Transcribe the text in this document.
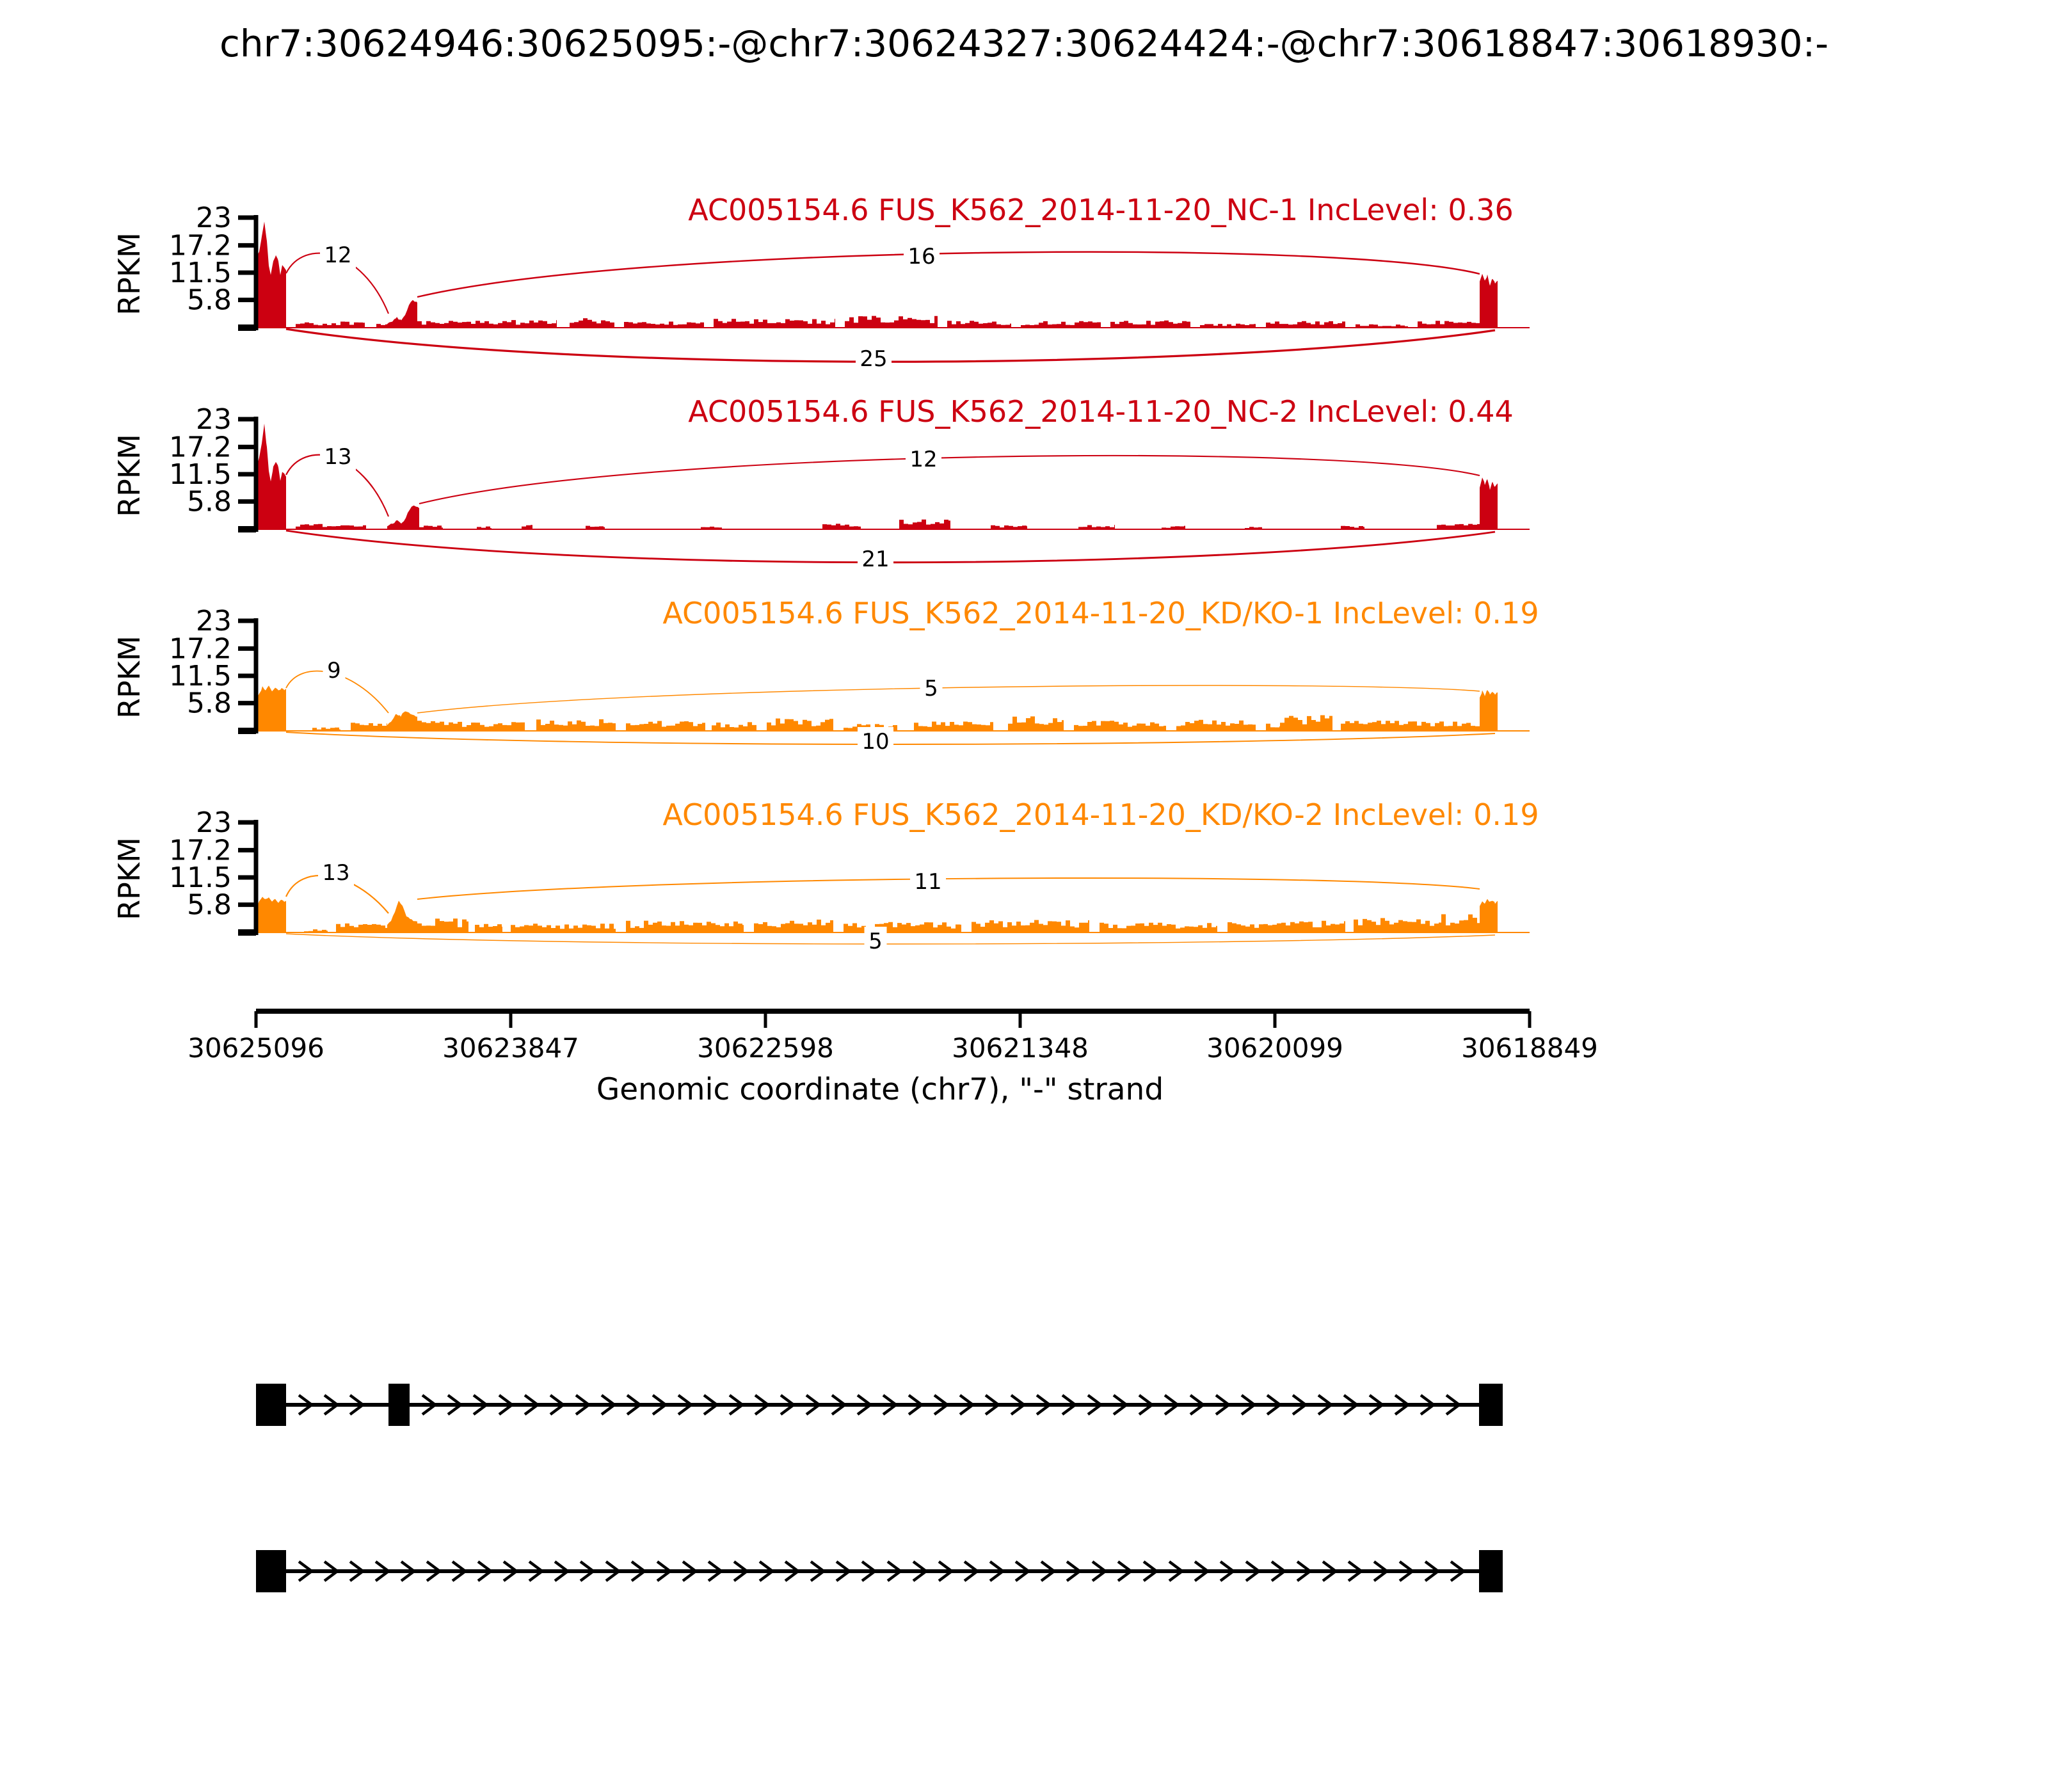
chr7:30624946:30625095:-@chr7:30624327:30624424:-@chr7:30618847:30618930:-
AC005154.6 FUS_K562_2014-11-20_NC-1 IncLevel: 0.36
12	16
25
5.8
11.5
17.2
23
RPKM
AC005154.6 FUS_K562_2014-11-20_NC-2 IncLevel: 0.44
13	12
21
5.8
11.5
17.2
23
RPKM
AC005154.6 FUS_K562_2014-11-20_KD/KO-1 IncLevel: 0.19
9
5
10
5.8
11.5
17.2
23
RPKM
AC005154.6 FUS_K562_2014-11-20_KD/KO-2 IncLevel: 0.19
13	11
5
5.8
11.5
17.2
23
RPKM
30625096	30623847	30622598	30621348	30620099	30618849
Genomic coordinate (chr7), "-" strand
